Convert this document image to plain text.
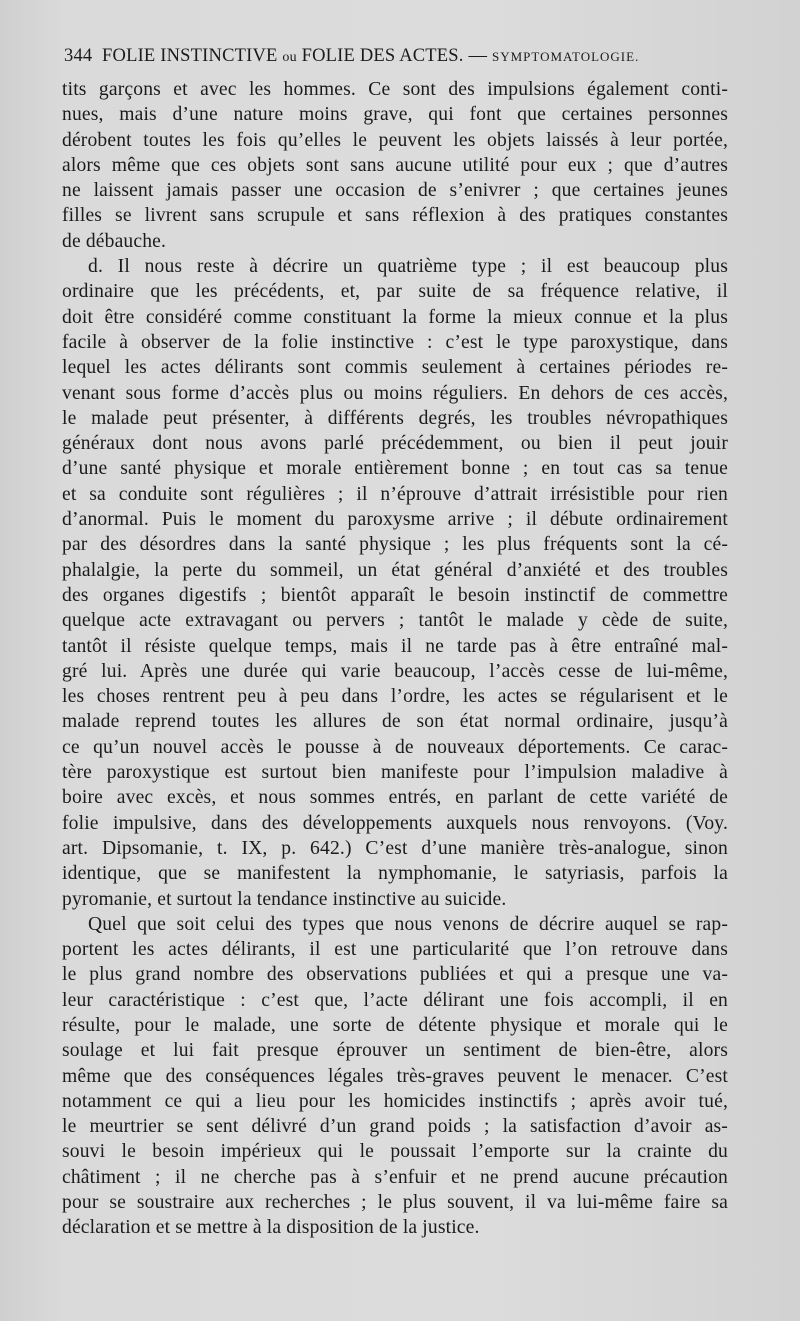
344 FOLIE INSTINCTIVE ou FOLIE DES ACTES. — SYMPTOMATOLOGIE.
tits garçons et avec les hommes. Ce sont des impulsions également conti-
nues, mais d’une nature moins grave, qui font que certaines personnes
dérobent toutes les fois qu’elles le peuvent les objets laissés à leur portée,
alors même que ces objets sont sans aucune utilité pour eux ; que d’autres
ne laissent jamais passer une occasion de s’enivrer ; que certaines jeunes
filles se livrent sans scrupule et sans réflexion à des pratiques constantes
de débauche.
d. Il nous reste à décrire un quatrième type ; il est beaucoup plus
ordinaire que les précédents, et, par suite de sa fréquence relative, il
doit être considéré comme constituant la forme la mieux connue et la plus
facile à observer de la folie instinctive : c’est le type paroxystique, dans
lequel les actes délirants sont commis seulement à certaines périodes re-
venant sous forme d’accès plus ou moins réguliers. En dehors de ces accès,
le malade peut présenter, à différents degrés, les troubles névropathiques
généraux dont nous avons parlé précédemment, ou bien il peut jouir
d’une santé physique et morale entièrement bonne ; en tout cas sa tenue
et sa conduite sont régulières ; il n’éprouve d’attrait irrésistible pour rien
d’anormal. Puis le moment du paroxysme arrive ; il débute ordinairement
par des désordres dans la santé physique ; les plus fréquents sont la cé-
phalalgie, la perte du sommeil, un état général d’anxiété et des troubles
des organes digestifs ; bientôt apparaît le besoin instinctif de commettre
quelque acte extravagant ou pervers ; tantôt le malade y cède de suite,
tantôt il résiste quelque temps, mais il ne tarde pas à être entraîné mal-
gré lui. Après une durée qui varie beaucoup, l’accès cesse de lui-même,
les choses rentrent peu à peu dans l’ordre, les actes se régularisent et le
malade reprend toutes les allures de son état normal ordinaire, jusqu’à
ce qu’un nouvel accès le pousse à de nouveaux déportements. Ce carac-
tère paroxystique est surtout bien manifeste pour l’impulsion maladive à
boire avec excès, et nous sommes entrés, en parlant de cette variété de
folie impulsive, dans des développements auxquels nous renvoyons. (Voy.
art. Dipsomanie, t. IX, p. 642.) C’est d’une manière très-analogue, sinon
identique, que se manifestent la nymphomanie, le satyriasis, parfois la
pyromanie, et surtout la tendance instinctive au suicide.
Quel que soit celui des types que nous venons de décrire auquel se rap-
portent les actes délirants, il est une particularité que l’on retrouve dans
le plus grand nombre des observations publiées et qui a presque une va-
leur caractéristique : c’est que, l’acte délirant une fois accompli, il en
résulte, pour le malade, une sorte de détente physique et morale qui le
soulage et lui fait presque éprouver un sentiment de bien-être, alors
même que des conséquences légales très-graves peuvent le menacer. C’est
notamment ce qui a lieu pour les homicides instinctifs ; après avoir tué,
le meurtrier se sent délivré d’un grand poids ; la satisfaction d’avoir as-
souvi le besoin impérieux qui le poussait l’emporte sur la crainte du
châtiment ; il ne cherche pas à s’enfuir et ne prend aucune précaution
pour se soustraire aux recherches ; le plus souvent, il va lui-même faire sa
déclaration et se mettre à la disposition de la justice.
